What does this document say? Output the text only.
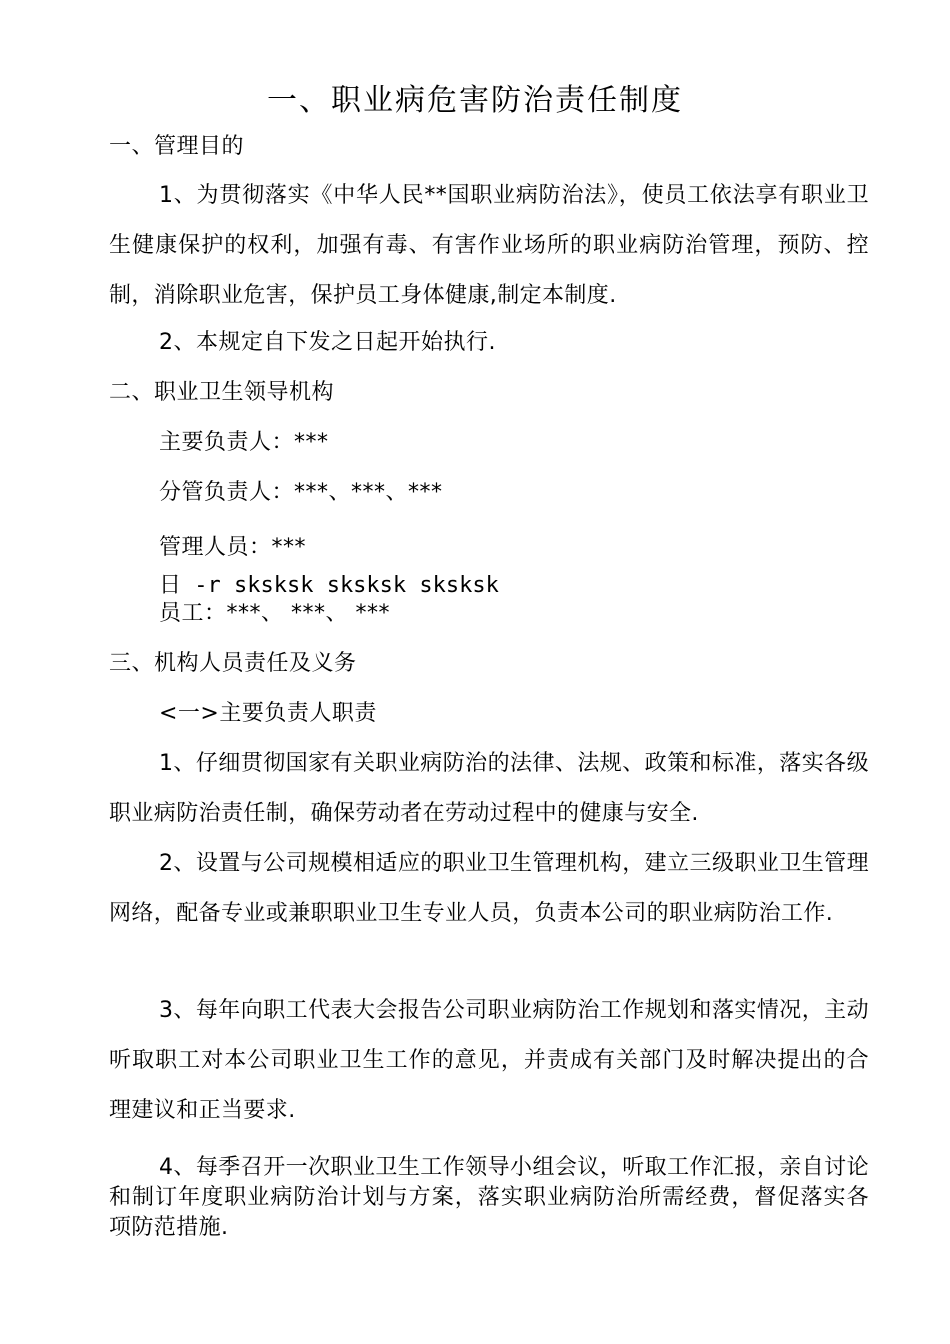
一、职业病危害防治责任制度
一、管理目的
1、为贯彻落实《中华人民**国职业病防治法》，使员工依法享有职业卫生健康保护的权利，加强有毒、有害作业场所的职业病防治管理，预防、控制，消除职业危害，保护员工身体健康,制定本制度.
2、本规定自下发之日起开始执行.
二、职业卫生领导机构
主要负责人：***
分管负责人：***、***、***
管理人员：***
日 -r sksksk sksksk sksksk
员工：***、 ***、 ***
三、机构人员责任及义务
<一>主要负责人职责
1、仔细贯彻国家有关职业病防治的法律、法规、政策和标准，落实各级职业病防治责任制，确保劳动者在劳动过程中的健康与安全.
2、设置与公司规模相适应的职业卫生管理机构，建立三级职业卫生管理网络，配备专业或兼职职业卫生专业人员，负责本公司的职业病防治工作.
3、每年向职工代表大会报告公司职业病防治工作规划和落实情况，主动听取职工对本公司职业卫生工作的意见，并责成有关部门及时解决提出的合理建议和正当要求.
4、每季召开一次职业卫生工作领导小组会议，听取工作汇报，亲自讨论和制订年度职业病防治计划与方案，落实职业病防治所需经费，督促落实各项防范措施.
